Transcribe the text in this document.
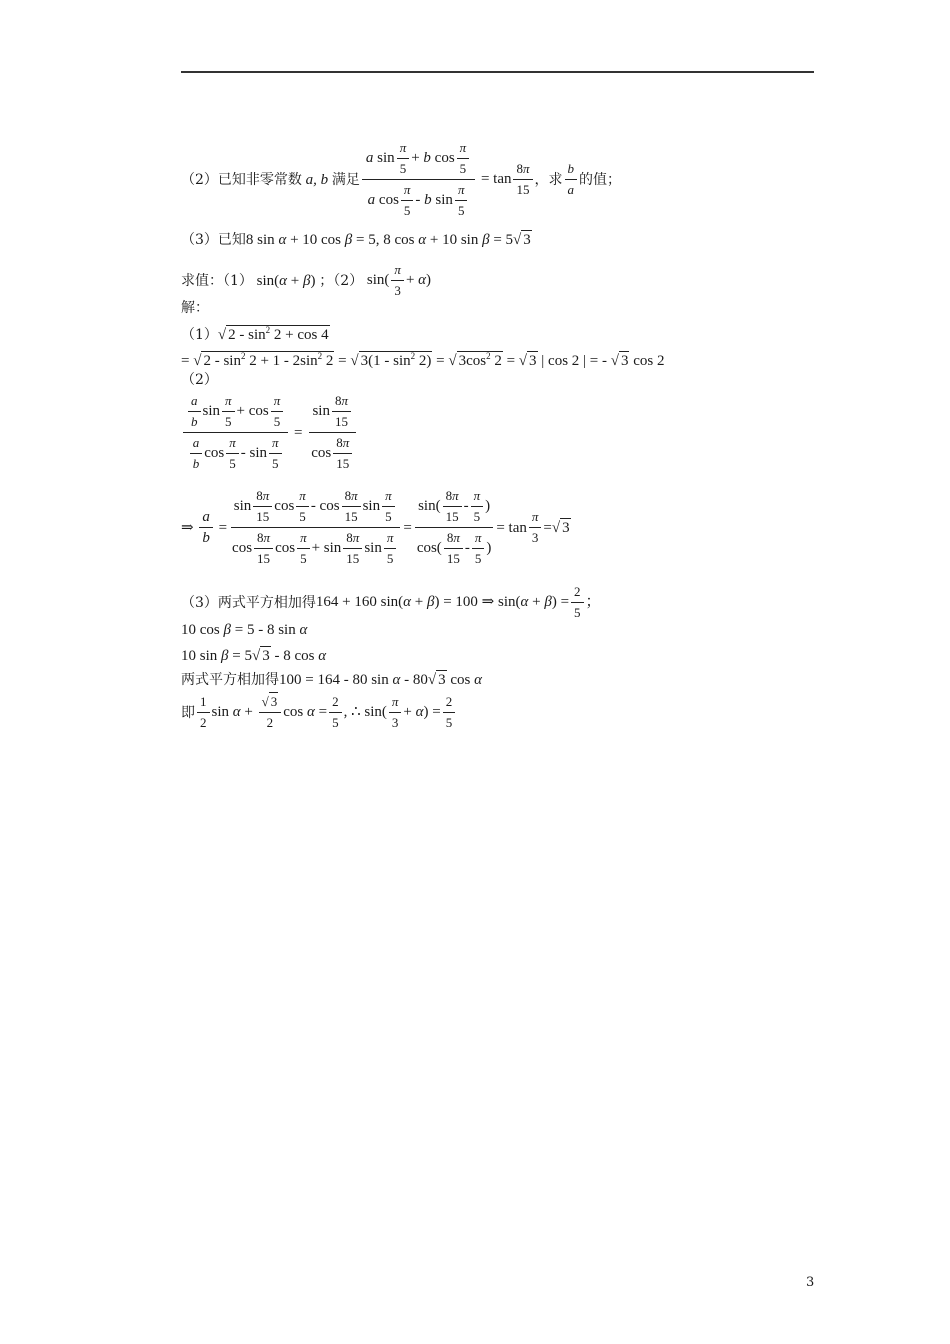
（2）已知非零常数 a, b 满足 $\frac{a \sin \frac{\pi}{5} + b \cos \frac{\pi}{5}}{a \cos \frac{\pi}{5} - b \sin \frac{\pi}{5}} = \tan \frac{8\pi}{15}$ ，求 $\frac{b}{a}$ 的值；
（3）已知8 sin α + 10 cos β = 5, 8 cos α + 10 sin β = 5√ 3
求值：（1） sin(α + β) ；（2） $\sin( \frac{\pi}{3} + \alpha)$
解：
（1）√ $2 - \sin^2 2 + \cos 4$
= √ $2 - \sin^2 2 + 1 - 2\sin^2$ 2 = √ $3(1 - \sin^2 2)$ = √ $3\cos^2$ 2 = √ 3 | cos 2 | = - √ 3 cos 2
（2）
$\frac{\frac{a}{b} \sin \frac{\pi}{5} + \cos \frac{\pi}{5}}{\frac{a}{b} \cos \frac{\pi}{5} - \sin \frac{\pi}{5}} = \frac{\sin \frac{8\pi}{15}}{\cos \frac{8\pi}{15}}$
⇒ $\frac{a}{b} = \frac{\sin \frac{8\pi}{15} \cos \frac{\pi}{5} - \cos \frac{8\pi}{15} \sin \frac{\pi}{5}}{\cos \frac{8\pi}{15} \cos \frac{\pi}{5} + \sin \frac{8\pi}{15} \sin \frac{\pi}{5}} = \frac{\sin( \frac{8\pi}{15} - \frac{\pi}{5} )}{\cos( \frac{8\pi}{15} - \frac{\pi}{5} )} = \tan \frac{\pi}{3}$ = √ 3
（3）两式平方相加得 164 + 160 sin(α + β) = 100 ⇒ $\sin(\alpha + \beta) = \frac{2}{5}$ ；
10 cos β = 5 - 8 sin α
10 sin β = 5√ 3 - 8 cos α
两式平方相加得100 = 164 - 80 sin α - 80√ 3 cos α
即 $\frac{1}{2}$ $\sin \alpha + \frac{√ 3}{2}$ $\cos \alpha = \frac{2}{5}$ , ∴ $\sin( \frac{\pi}{3} + \alpha) = \frac{2}{5}$
3
